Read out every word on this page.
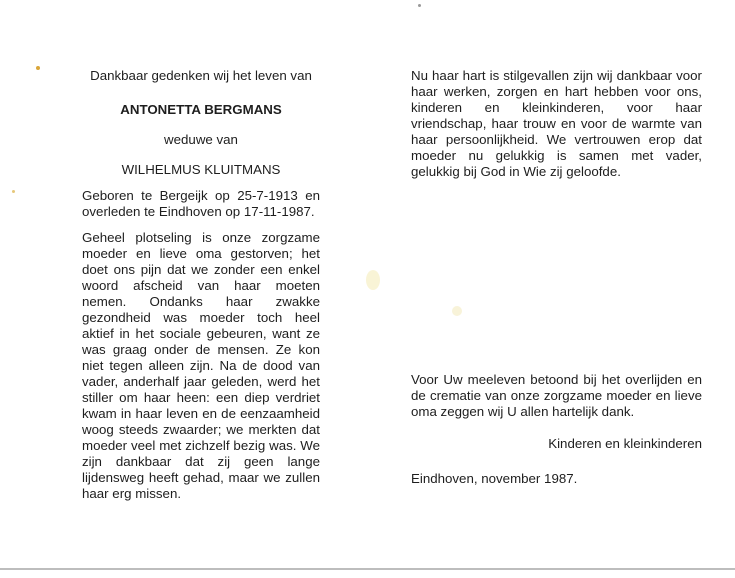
Dankbaar gedenken wij het leven van
ANTONETTA BERGMANS
weduwe van
WILHELMUS KLUITMANS
Geboren te Bergeijk op 25-7-1913 en overleden te Eindhoven op 17-11-1987.
Geheel plotseling is onze zorgzame moeder en lieve oma gestorven; het doet ons pijn dat we zonder een enkel woord afscheid van haar moeten nemen. Ondanks haar zwakke gezondheid was moeder toch heel aktief in het sociale gebeuren, want ze was graag onder de mensen. Ze kon niet tegen alleen zijn. Na de dood van vader, anderhalf jaar geleden, werd het stiller om haar heen: een diep verdriet kwam in haar leven en de eenzaamheid woog steeds zwaarder; we merkten dat moeder veel met zichzelf bezig was. We zijn dankbaar dat zij geen lange lijdensweg heeft gehad, maar we zullen haar erg missen.
Nu haar hart is stilgevallen zijn wij dankbaar voor haar werken, zorgen en hart hebben voor ons, kinderen en kleinkinderen, voor haar vriendschap, haar trouw en voor de warmte van haar persoonlijkheid. We vertrouwen erop dat moeder nu gelukkig is samen met vader, gelukkig bij God in Wie zij geloofde.
Voor Uw meeleven betoond bij het overlijden en de crematie van onze zorgzame moeder en lieve oma zeggen wij U allen hartelijk dank.
Kinderen en kleinkinderen
Eindhoven, november 1987.
